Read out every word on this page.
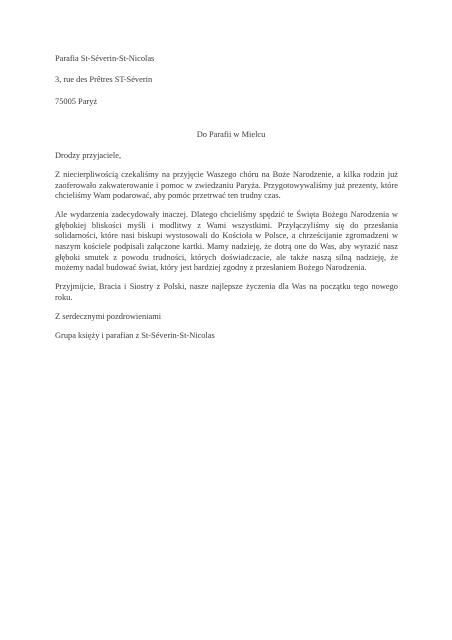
Parafia St-Séverin-St-Nicolas
3, rue des Prêtres ST-Séverin
75005 Paryż
Do Parafii w Mielcu

Drodzy przyjaciele,

Z niecierpliwością czekaliśmy na przyjęcie Waszego chóru na Boże Narodzenie, a kilka rodzin już zaoferowało zakwaterowanie i pomoc w zwiedzaniu Paryża. Przygotowywaliśmy już prezenty, które chcieliśmy Wam podarować, aby pomóc przetrwać ten trudny czas.

Ale wydarzenia zadecydowały inaczej. Dlatego chcieliśmy spędzić te Święta Bożego Narodzenia w głębokiej bliskości myśli i modlitwy z Wami wszystkimi. Przyłączyliśmy się do przesłania solidarności, które nasi biskupi wystosowali do Kościoła w Polsce, a chrześcijanie zgromadzeni w naszym kościele podpisali załączone kartki. Mamy nadzieję, że dotrą one do Was, aby wyrazić nasz głęboki smutek z powodu trudności, których doświadczacie, ale także naszą silną nadzieję, że możemy nadal budować świat, który jest bardziej zgodny z przesłaniem Bożego Narodzenia.

Przyjmijcie, Bracia i Siostry z Polski, nasze najlepsze życzenia dla Was na początku tego nowego roku.

Z serdecznymi pozdrowieniami

Grupa księży i parafian z St-Séverin-St-Nicolas
